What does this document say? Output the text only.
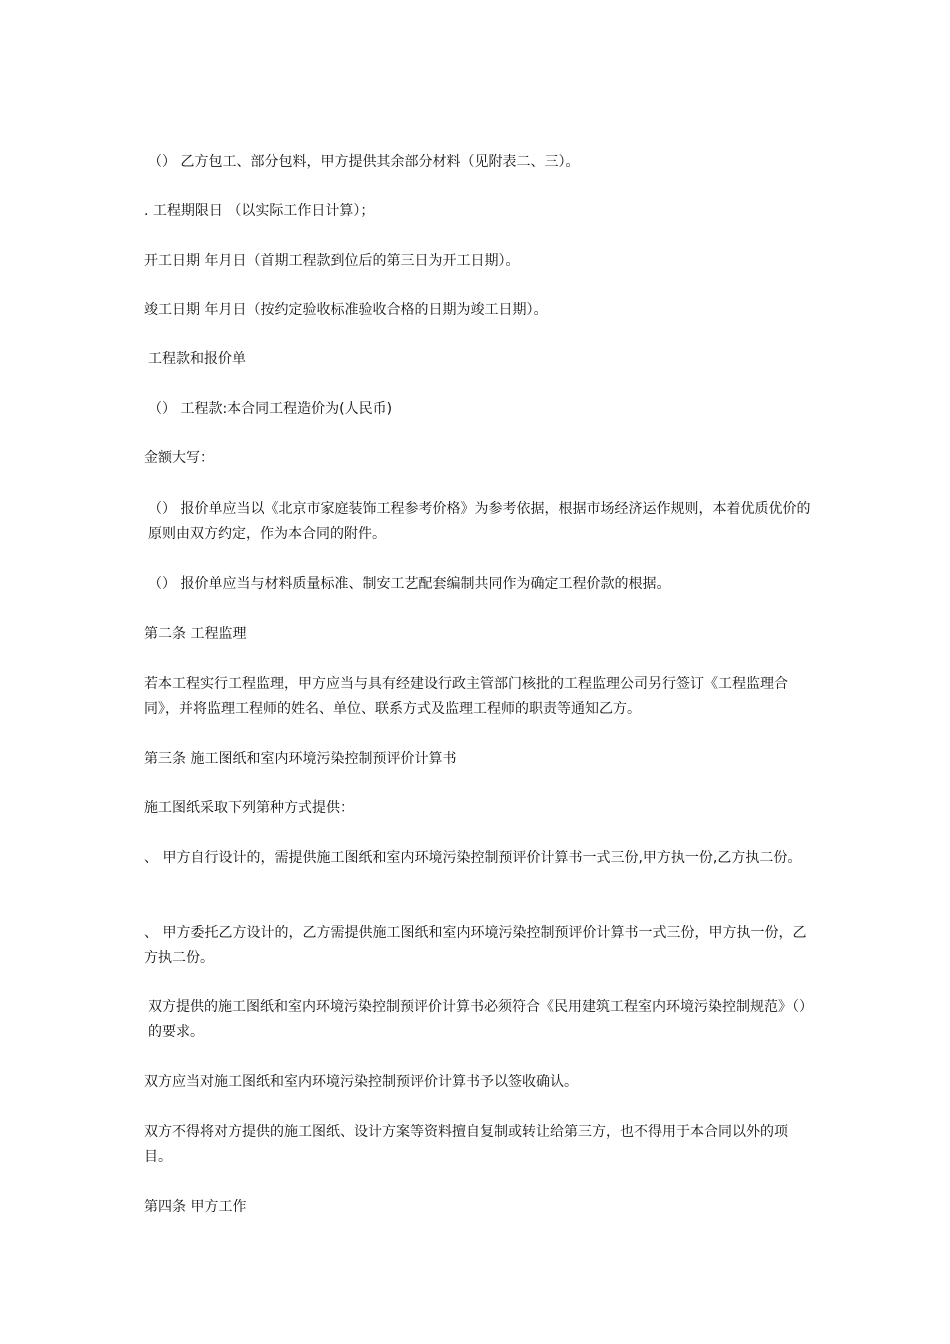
（） 乙方包工、部分包料，甲方提供其余部分材料（见附表二、三）。

. 工程期限日 （以实际工作日计算）；

开工日期 年月日（首期工程款到位后的第三日为开工日期）。

竣工日期 年月日（按约定验收标准验收合格的日期为竣工日期）。

工程款和报价单

（） 工程款:本合同工程造价为(人民币)

金额大写：

（） 报价单应当以《北京市家庭装饰工程参考价格》为参考依据，根据市场经济运作规则，本着优质优价的原则由双方约定，作为本合同的附件。

（） 报价单应当与材料质量标准、制安工艺配套编制共同作为确定工程价款的根据。

第二条 工程监理

若本工程实行工程监理，甲方应当与具有经建设行政主管部门核批的工程监理公司另行签订《工程监理合同》，并将监理工程师的姓名、单位、联系方式及监理工程师的职责等通知乙方。

第三条 施工图纸和室内环境污染控制预评价计算书

施工图纸采取下列第种方式提供：

、 甲方自行设计的，需提供施工图纸和室内环境污染控制预评价计算书一式三份,甲方执一份,乙方执二份。

、 甲方委托乙方设计的，乙方需提供施工图纸和室内环境污染控制预评价计算书一式三份，甲方执一份，乙方执二份。

双方提供的施工图纸和室内环境污染控制预评价计算书必须符合《民用建筑工程室内环境污染控制规范》（）的要求。

双方应当对施工图纸和室内环境污染控制预评价计算书予以签收确认。

双方不得将对方提供的施工图纸、设计方案等资料擅自复制或转让给第三方，也不得用于本合同以外的项目。

第四条 甲方工作
